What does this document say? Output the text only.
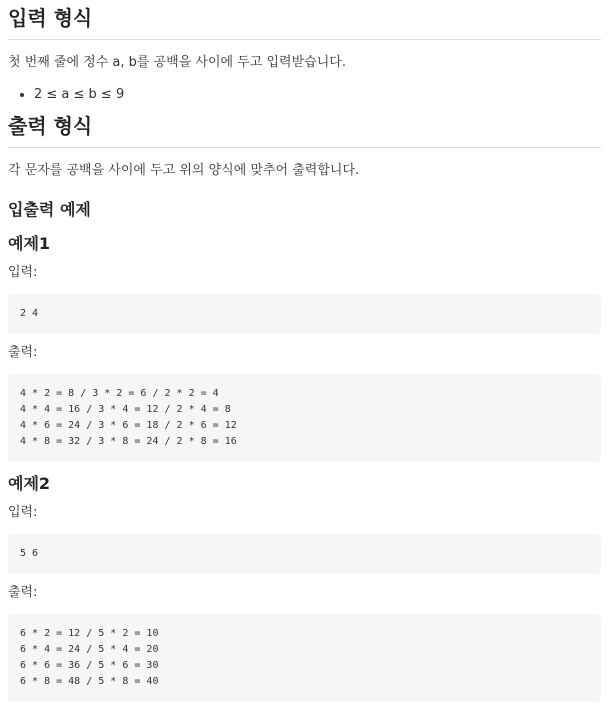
입력 형식

첫 번째 줄에 정수 a, b를 공백을 사이에 두고 입력받습니다.

• 2 ≤ a ≤ b ≤ 9
출력 형식

각 문자를 공백을 사이에 두고 위의 양식에 맞추어 출력합니다.

입출력 예제
예제1
입력:
2 4
출력:
4 * 2 = 8 / 3 * 2 = 6 / 2 * 2 = 4
4 * 4 = 16 / 3 * 4 = 12 / 2 * 4 = 8
4 * 6 = 24 / 3 * 6 = 18 / 2 * 6 = 12
4 * 8 = 32 / 3 * 8 = 24 / 2 * 8 = 16
예제2
입력:
5 6
출력:
6 * 2 = 12 / 5 * 2 = 10
6 * 4 = 24 / 5 * 4 = 20
6 * 6 = 36 / 5 * 6 = 30
6 * 8 = 48 / 5 * 8 = 40
